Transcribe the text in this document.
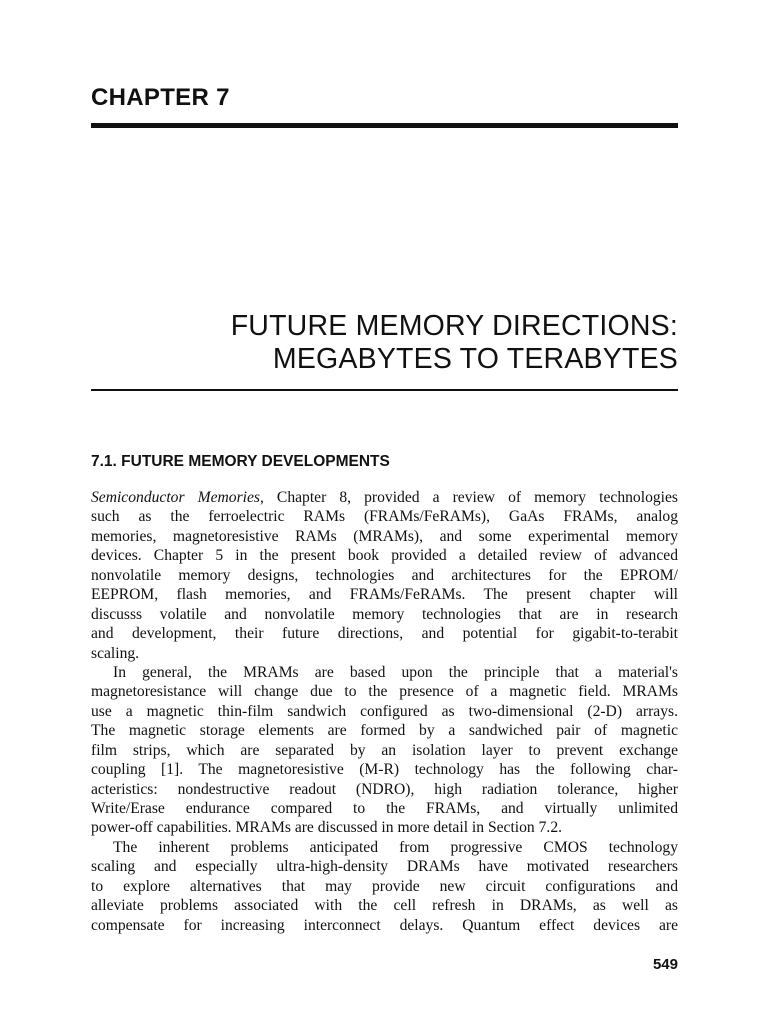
CHAPTER 7
FUTURE MEMORY DIRECTIONS:
MEGABYTES TO TERABYTES
7.1. FUTURE MEMORY DEVELOPMENTS

Semiconductor Memories, Chapter 8, provided a review of memory technologies
such as the ferroelectric RAMs (FRAMs/FeRAMs), GaAs FRAMs, analog
memories, magnetoresistive RAMs (MRAMs), and some experimental memory
devices. Chapter 5 in the present book provided a detailed review of advanced
nonvolatile memory designs, technologies and architectures for the EPROM/
EEPROM, flash memories, and FRAMs/FeRAMs. The present chapter will
discusss volatile and nonvolatile memory technologies that are in research
and development, their future directions, and potential for gigabit-to-terabit
scaling.

In general, the MRAMs are based upon the principle that a material's
magnetoresistance will change due to the presence of a magnetic field. MRAMs
use a magnetic thin-film sandwich configured as two-dimensional (2-D) arrays.
The magnetic storage elements are formed by a sandwiched pair of magnetic
film strips, which are separated by an isolation layer to prevent exchange
coupling [1]. The magnetoresistive (M-R) technology has the following char-
acteristics: nondestructive readout (NDRO), high radiation tolerance, higher
Write/Erase endurance compared to the FRAMs, and virtually unlimited
power-off capabilities. MRAMs are discussed in more detail in Section 7.2.

The inherent problems anticipated from progressive CMOS technology
scaling and especially ultra-high-density DRAMs have motivated researchers
to explore alternatives that may provide new circuit configurations and
alleviate problems associated with the cell refresh in DRAMs, as well as
compensate for increasing interconnect delays. Quantum effect devices are

549
